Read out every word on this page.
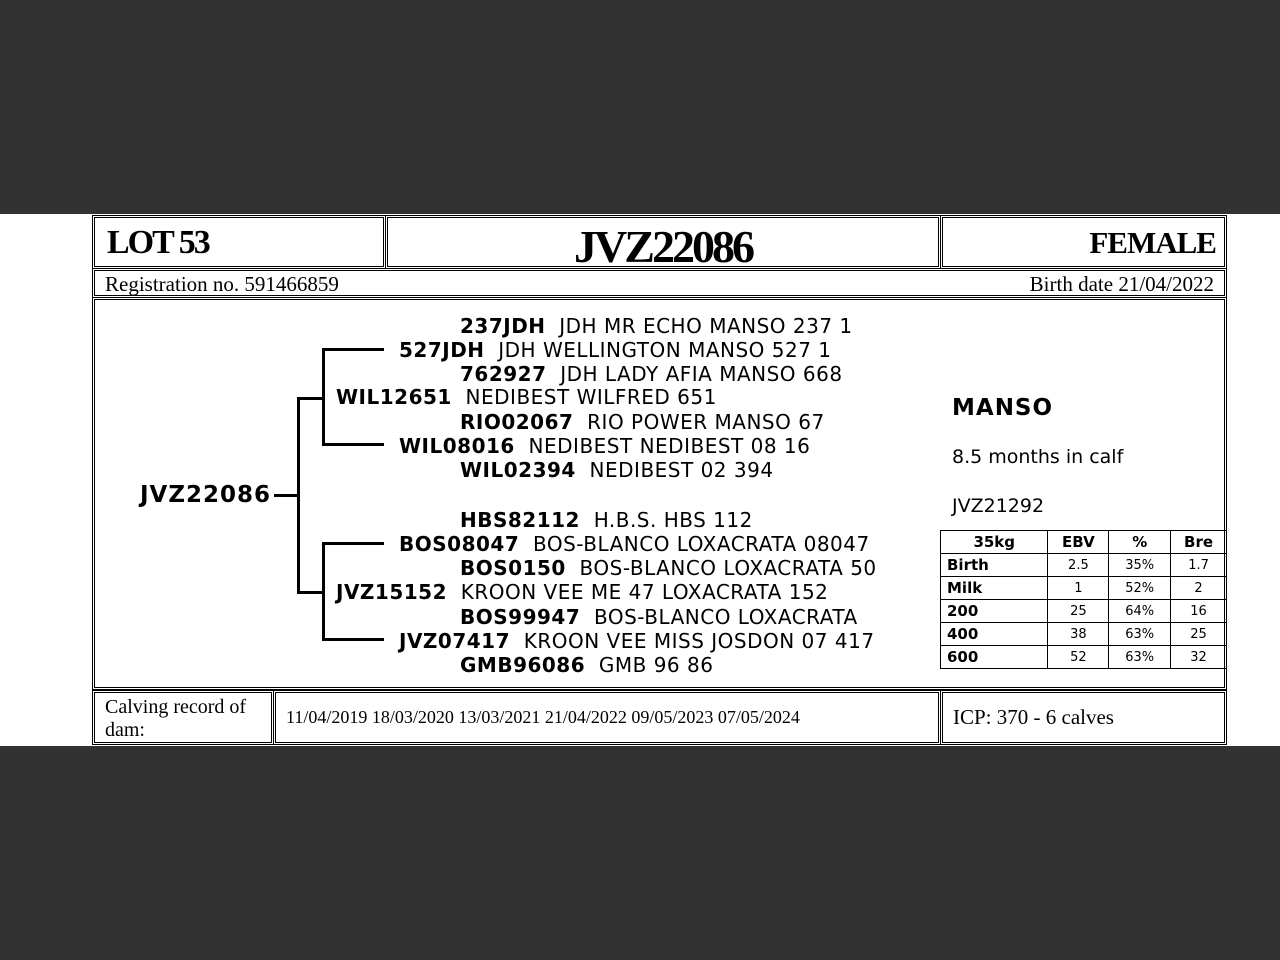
LOT 53	JVZ22086	FEMALE
Registration no. 591466859	Birth date 21/04/2022
JVZ22086
237JDH JDH MR ECHO MANSO 237 1
527JDH JDH WELLINGTON MANSO 527 1
762927 JDH LADY AFIA MANSO 668
WIL12651 NEDIBEST WILFRED 651
RIO02067 RIO POWER MANSO 67
WIL08016 NEDIBEST NEDIBEST 08 16
WIL02394 NEDIBEST 02 394
HBS82112 H.B.S. HBS 112
BOS08047 BOS-BLANCO LOXACRATA 08047
BOS0150 BOS-BLANCO LOXACRATA 50
JVZ15152 KROON VEE ME 47 LOXACRATA 152
BOS99947 BOS-BLANCO LOXACRATA
JVZ07417 KROON VEE MISS JOSDON 07 417
GMB96086 GMB 96 86
MANSO
8.5 months in calf
JVZ21292
35kg	EBV	%	Bre
Birth	2.5	35%	1.7
Milk	1	52%	2
200	25	64%	16
400	38	63%	25
600	52	63%	32
Calving record of dam:
11/04/2019 18/03/2020 13/03/2021 21/04/2022 09/05/2023 07/05/2024	ICP: 370 - 6 calves
